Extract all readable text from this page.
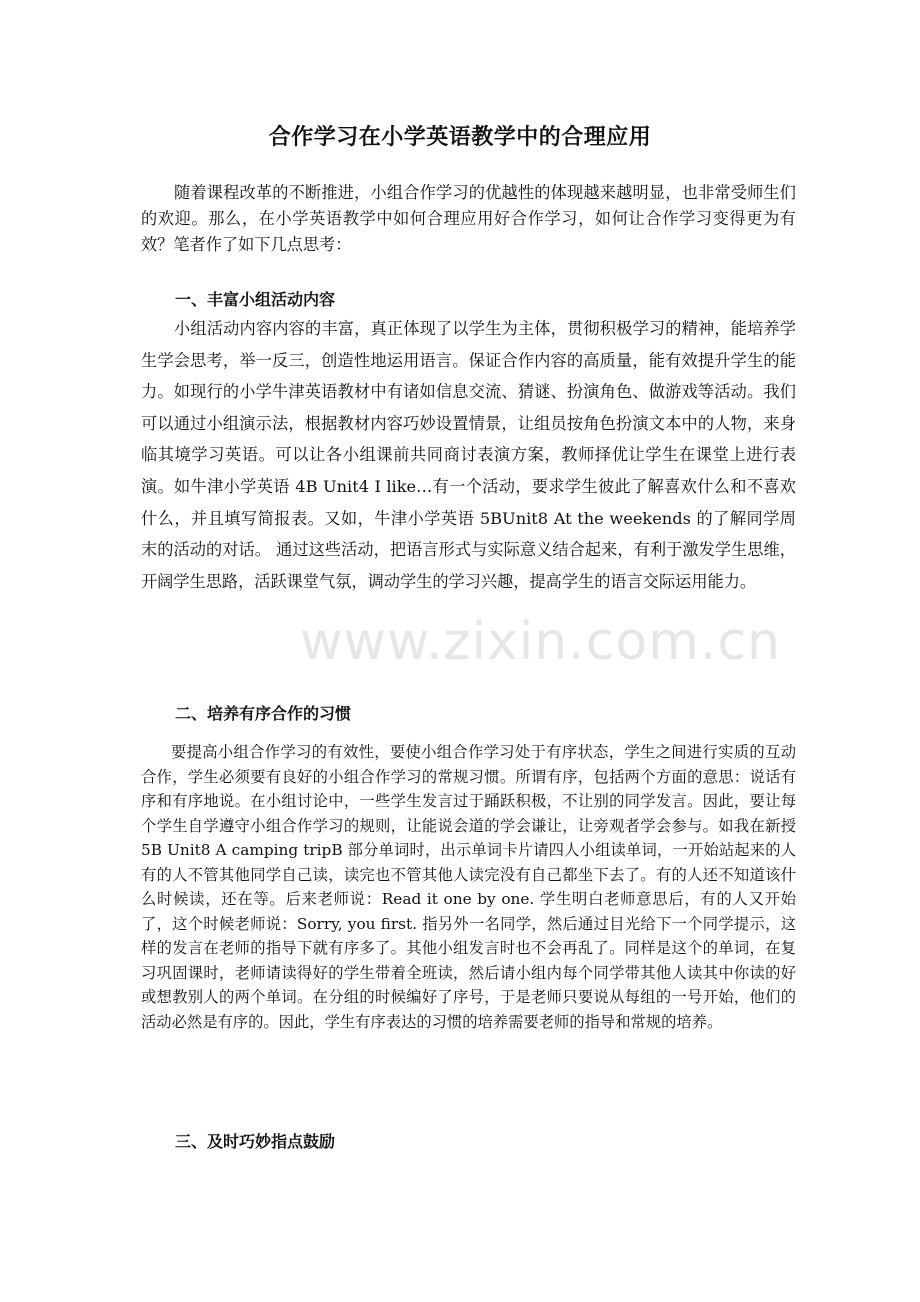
www.zixin.com.cn
合作学习在小学英语教学中的合理应用

随着课程改革的不断推进，小组合作学习的优越性的体现越来越明显，也非常受师生们的欢迎。那么，在小学英语教学中如何合理应用好合作学习，如何让合作学习变得更为有效？笔者作了如下几点思考：

一、丰富小组活动内容

小组活动内容内容的丰富，真正体现了以学生为主体，贯彻积极学习的精神，能培养学生学会思考，举一反三，创造性地运用语言。保证合作内容的高质量，能有效提升学生的能力。如现行的小学牛津英语教材中有诸如信息交流、猜谜、扮演角色、做游戏等活动。我们可以通过小组演示法，根据教材内容巧妙设置情景，让组员按角色扮演文本中的人物，来身临其境学习英语。可以让各小组课前共同商讨表演方案，教师择优让学生在课堂上进行表演。如牛津小学英语 4B Unit4 I like…有一个活动，要求学生彼此了解喜欢什么和不喜欢什么，并且填写简报表。又如，牛津小学英语 5BUnit8 At the weekends 的了解同学周末的活动的对话。 通过这些活动，把语言形式与实际意义结合起来，有利于激发学生思维，开阔学生思路，活跃课堂气氛，调动学生的学习兴趣，提高学生的语言交际运用能力。

二、培养有序合作的习惯

要提高小组合作学习的有效性，要使小组合作学习处于有序状态，学生之间进行实质的互动合作，学生必须要有良好的小组合作学习的常规习惯。所谓有序，包括两个方面的意思：说话有序和有序地说。在小组讨论中，一些学生发言过于踊跃积极，不让别的同学发言。因此，要让每个学生自学遵守小组合作学习的规则，让能说会道的学会谦让，让旁观者学会参与。如我在新授 5B Unit8 A camping tripB 部分单词时，出示单词卡片请四人小组读单词，一开始站起来的人有的人不管其他同学自己读，读完也不管其他人读完没有自己都坐下去了。有的人还不知道该什么时候读，还在等。后来老师说：Read it one by one. 学生明白老师意思后，有的人又开始了，这个时候老师说：Sorry, you first. 指另外一名同学，然后通过目光给下一个同学提示，这样的发言在老师的指导下就有序多了。其他小组发言时也不会再乱了。同样是这个的单词，在复习巩固课时，老师请读得好的学生带着全班读，然后请小组内每个同学带其他人读其中你读的好或想教别人的两个单词。在分组的时候编好了序号，于是老师只要说从每组的一号开始，他们的活动必然是有序的。因此，学生有序表达的习惯的培养需要老师的指导和常规的培养。

三、及时巧妙指点鼓励
